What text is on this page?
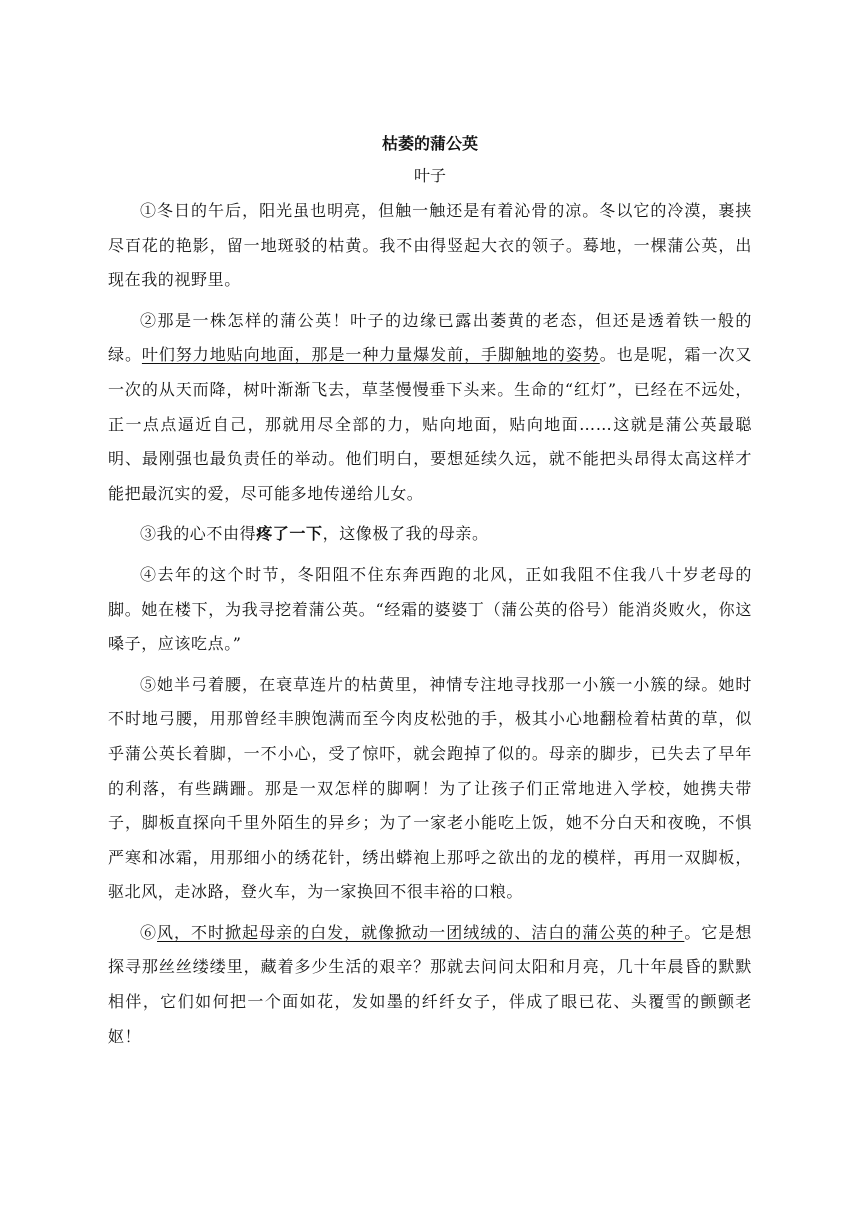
枯萎的蒲公英

叶子

①冬日的午后，阳光虽也明亮，但触一触还是有着沁骨的凉。冬以它的冷漠，裹挟尽百花的艳影，留一地斑驳的枯黄。我不由得竖起大衣的领子。蓦地，一棵蒲公英，出现在我的视野里。

②那是一株怎样的蒲公英！叶子的边缘已露出萎黄的老态，但还是透着铁一般的绿。叶们努力地贴向地面，那是一种力量爆发前，手脚触地的姿势。也是呢，霜一次又一次的从天而降，树叶渐渐飞去，草茎慢慢垂下头来。生命的“红灯”，已经在不远处，正一点点逼近自己，那就用尽全部的力，贴向地面，贴向地面……这就是蒲公英最聪明、最刚强也最负责任的举动。他们明白，要想延续久远，就不能把头昂得太高这样才能把最沉实的爱，尽可能多地传递给儿女。

③我的心不由得疼了一下，这像极了我的母亲。

④去年的这个时节，冬阳阻不住东奔西跑的北风，正如我阻不住我八十岁老母的脚。她在楼下，为我寻挖着蒲公英。“经霜的婆婆丁（蒲公英的俗号）能消炎败火，你这嗓子，应该吃点。”

⑤她半弓着腰，在衰草连片的枯黄里，神情专注地寻找那一小簇一小簇的绿。她时不时地弓腰，用那曾经丰腴饱满而至今肉皮松弛的手，极其小心地翻检着枯黄的草，似乎蒲公英长着脚，一不小心，受了惊吓，就会跑掉了似的。母亲的脚步，已失去了早年的利落，有些蹒跚。那是一双怎样的脚啊！为了让孩子们正常地进入学校，她携夫带子，脚板直探向千里外陌生的异乡；为了一家老小能吃上饭，她不分白天和夜晚，不惧严寒和冰霜，用那细小的绣花针，绣出蟒袍上那呼之欲出的龙的模样，再用一双脚板，驱北风，走冰路，登火车，为一家换回不很丰裕的口粮。

⑥风，不时掀起母亲的白发，就像掀动一团绒绒的、洁白的蒲公英的种子。它是想探寻那丝丝缕缕里，藏着多少生活的艰辛？那就去问问太阳和月亮，几十年晨昏的默默相伴，它们如何把一个面如花，发如墨的纤纤女子，伴成了眼已花、头覆雪的颤颤老妪！
